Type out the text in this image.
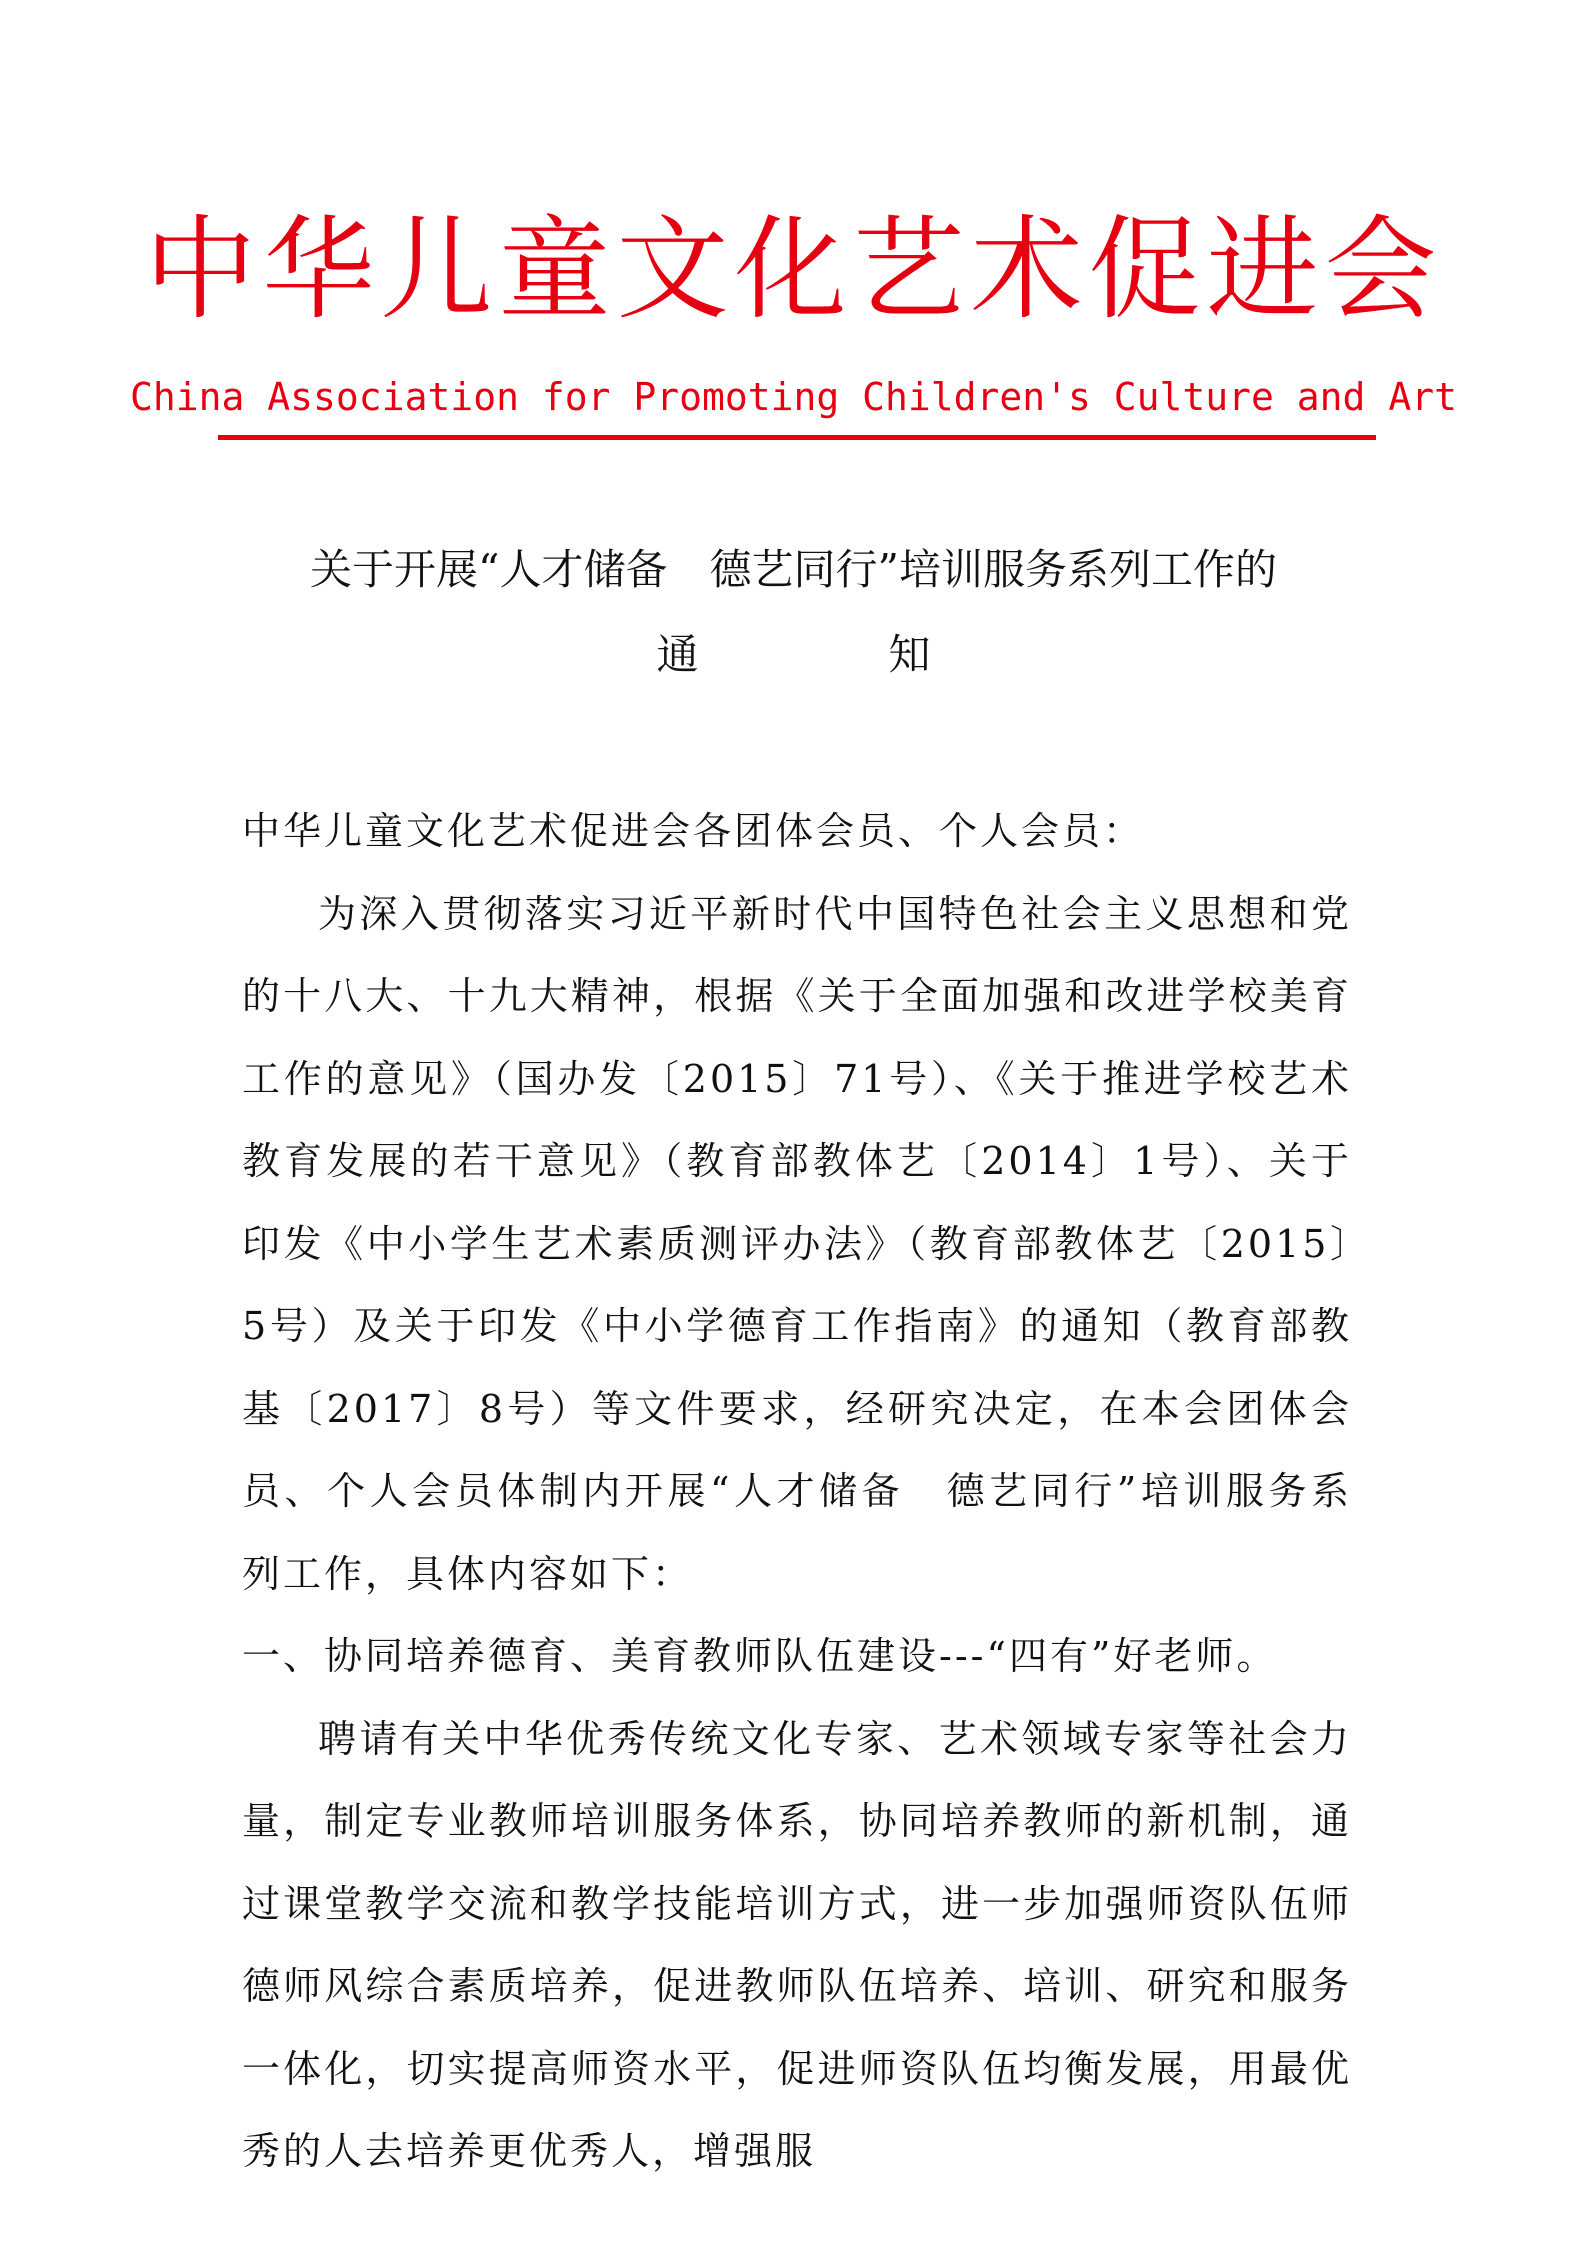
中华儿童文化艺术促进会
China Association for Promoting Children's Culture and Art
关于开展“人才储备　德艺同行”培训服务系列工作的
通	知

中华儿童文化艺术促进会各团体会员、个人会员：

为深入贯彻落实习近平新时代中国特色社会主义思想和党的十八大、十九大精神，根据《关于全面加强和改进学校美育工作的意见》（国办发〔2015〕71号）、《关于推进学校艺术教育发展的若干意见》（教育部教体艺〔2014〕1号）、关于印发《中小学生艺术素质测评办法》（教育部教体艺〔2015〕5号）及关于印发《中小学德育工作指南》的通知（教育部教基〔2017〕8号）等文件要求，经研究决定，在本会团体会员、个人会员体制内开展“人才储备　德艺同行”培训服务系列工作，具体内容如下：

一、协同培养德育、美育教师队伍建设---“四有”好老师。

聘请有关中华优秀传统文化专家、艺术领域专家等社会力量，制定专业教师培训服务体系，协同培养教师的新机制，通过课堂教学交流和教学技能培训方式，进一步加强师资队伍师德师风综合素质培养，促进教师队伍培养、培训、研究和服务一体化，切实提高师资水平，促进师资队伍均衡发展，用最优秀的人去培养更优秀人，增强服
